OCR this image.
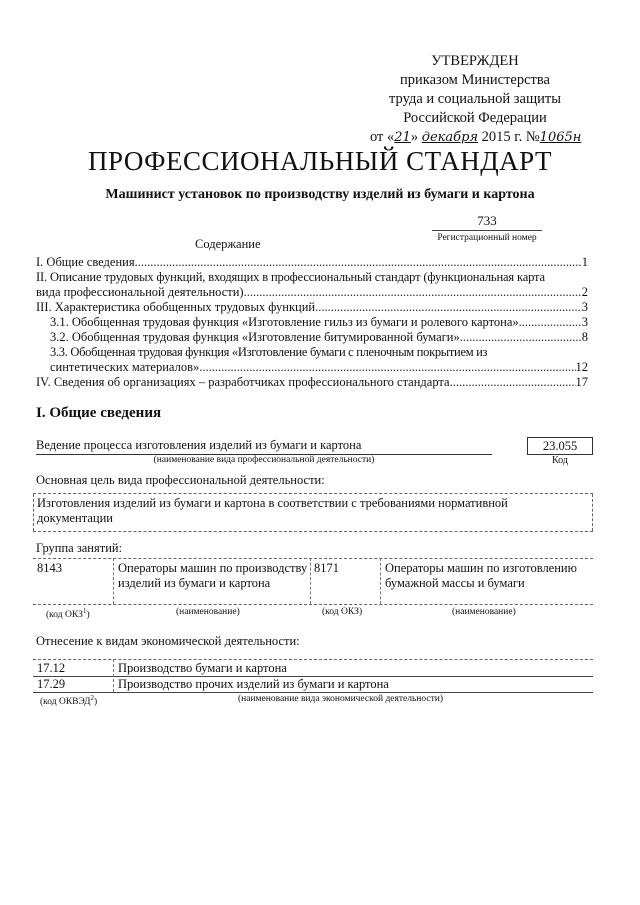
УТВЕРЖДЕН
приказом Министерства
труда и социальной защиты
Российской Федерации
от «21» декабря 2015 г. №1065н
ПРОФЕССИОНАЛЬНЫЙ СТАНДАРТ
Машинист установок по производству изделий из бумаги и картона
733
Регистрационный номер
Содержание
I. Общие сведения .....	1
II. Описание трудовых функций, входящих в профессиональный стандарт (функциональная карта
вида профессиональной деятельности) .....	2
III. Характеристика обобщенных трудовых функций .....	3
3.1. Обобщенная трудовая функция «Изготовление гильз из бумаги и ролевого картона» .....	3
3.2. Обобщенная трудовая функция «Изготовление битумированной бумаги» .....	8
3.3. Обобщенная трудовая функция «Изготовление бумаги с пленочным покрытием из
синтетических материалов» .....	12
IV. Сведения об организациях – разработчиках профессионального стандарта .....	17
I. Общие сведения
Ведение процесса изготовления изделий из бумаги и картона
(наименование вида профессиональной деятельности)
23.055
Код
Основная цель вида профессиональной деятельности:
Изготовления изделий из бумаги и картона в соответствии с требованиями нормативной документации
Группа занятий:
8143	Операторы машин по производству изделий из бумаги и картона
8171	Операторы машин по изготовлению бумажной массы и бумаги
(код ОКЗ$^1$)	(наименование)	(код ОКЗ)	(наименование)
Отнесение к видам экономической деятельности:
17.12	Производство бумаги и картона
17.29	Производство прочих изделий из бумаги и картона
(код ОКВЭД$^2$)	(наименование вида экономической деятельности)
